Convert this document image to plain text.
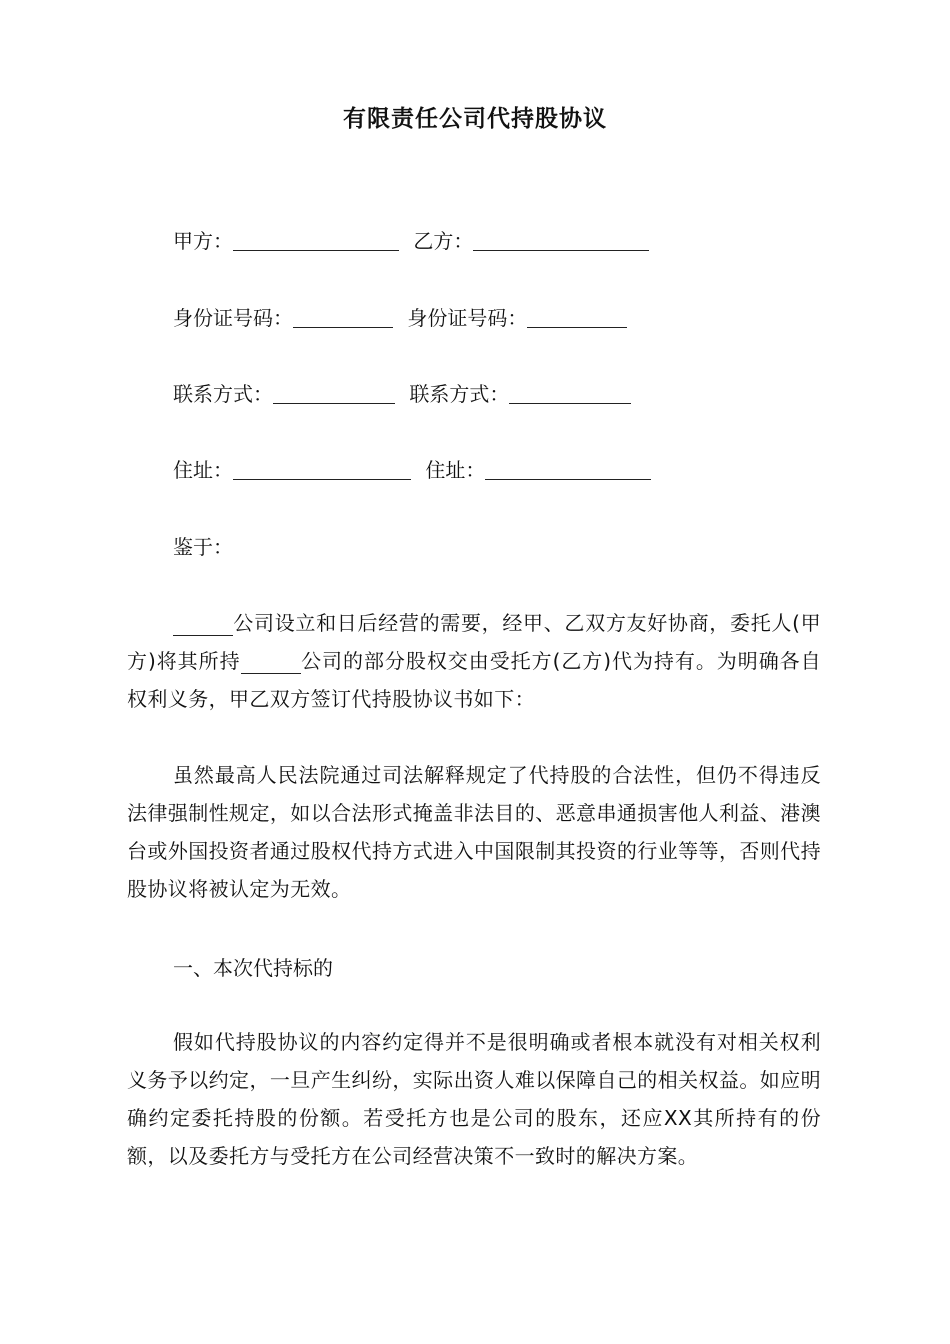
有限责任公司代持股协议
甲方：	乙方：
身份证号码：	身份证号码：
联系方式：	联系方式：
住址：	住址：
鉴于：
公司设立和日后经营的需要，经甲、乙双方友好协商，委托人(甲方)将其所持	公司的部分股权交由受托方(乙方)代为持有。为明确各自权利义务，甲乙双方签订代持股协议书如下：
虽然最高人民法院通过司法解释规定了代持股的合法性，但仍不得违反法律强制性规定，如以合法形式掩盖非法目的、恶意串通损害他人利益、港澳台或外国投资者通过股权代持方式进入中国限制其投资的行业等等，否则代持股协议将被认定为无效。
一、本次代持标的
假如代持股协议的内容约定得并不是很明确或者根本就没有对相关权利义务予以约定，一旦产生纠纷，实际出资人难以保障自己的相关权益。如应明确约定委托持股的份额。若受托方也是公司的股东，还应XX其所持有的份额，以及委托方与受托方在公司经营决策不一致时的解决方案。
